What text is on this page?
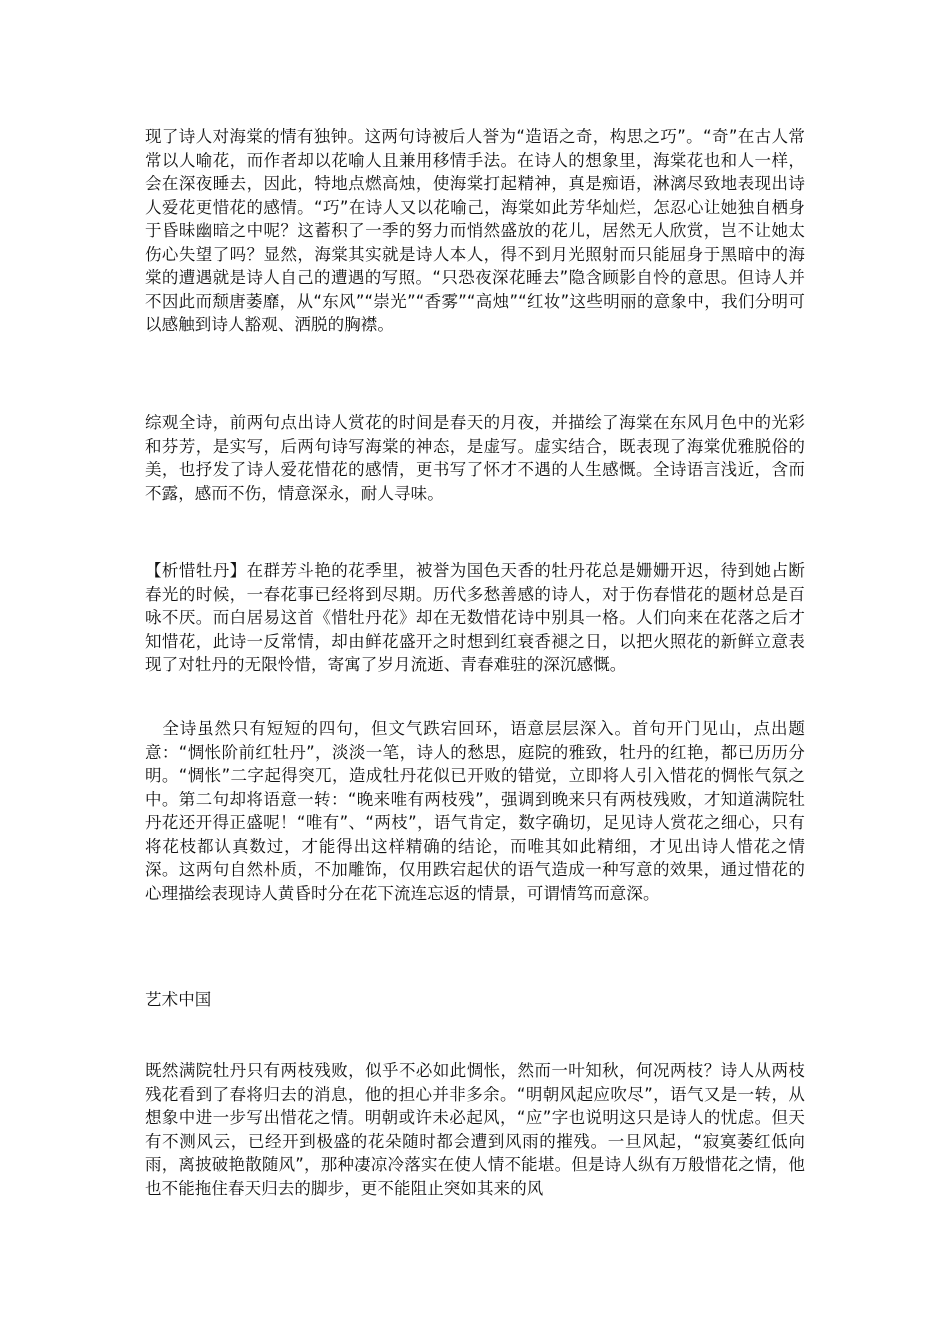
现了诗人对海棠的情有独钟。这两句诗被后人誉为“造语之奇，构思之巧”。“奇”在古人常常以人喻花，而作者却以花喻人且兼用移情手法。在诗人的想象里，海棠花也和人一样，会在深夜睡去，因此，特地点燃高烛，使海棠打起精神，真是痴语，淋漓尽致地表现出诗人爱花更惜花的感情。“巧”在诗人又以花喻己，海棠如此芳华灿烂，怎忍心让她独自栖身于昏昧幽暗之中呢？这蓄积了一季的努力而悄然盛放的花儿，居然无人欣赏，岂不让她太伤心失望了吗？显然，海棠其实就是诗人本人，得不到月光照射而只能屈身于黑暗中的海棠的遭遇就是诗人自己的遭遇的写照。“只恐夜深花睡去”隐含顾影自怜的意思。但诗人并不因此而颓唐萎靡，从“东风”“崇光”“香雾”“高烛”“红妆”这些明丽的意象中，我们分明可以感触到诗人豁观、洒脱的胸襟。

综观全诗，前两句点出诗人赏花的时间是春天的月夜，并描绘了海棠在东风月色中的光彩和芬芳，是实写，后两句诗写海棠的神态，是虚写。虚实结合，既表现了海棠优雅脱俗的美，也抒发了诗人爱花惜花的感情，更书写了怀才不遇的人生感慨。全诗语言浅近，含而不露，感而不伤，情意深永，耐人寻味。

【析惜牡丹】在群芳斗艳的花季里，被誉为国色天香的牡丹花总是姗姗开迟，待到她占断春光的时候，一春花事已经将到尽期。历代多愁善感的诗人，对于伤春惜花的题材总是百咏不厌。而白居易这首《惜牡丹花》却在无数惜花诗中别具一格。人们向来在花落之后才知惜花，此诗一反常情，却由鲜花盛开之时想到红衰香褪之日，以把火照花的新鲜立意表现了对牡丹的无限怜惜，寄寓了岁月流逝、青春难驻的深沉感慨。

　全诗虽然只有短短的四句，但文气跌宕回环，语意层层深入。首句开门见山，点出题意：“惆怅阶前红牡丹”，淡淡一笔，诗人的愁思，庭院的雅致，牡丹的红艳，都已历历分明。“惆怅”二字起得突兀，造成牡丹花似已开败的错觉，立即将人引入惜花的惆怅气氛之中。第二句却将语意一转：“晚来唯有两枝残”，强调到晚来只有两枝残败，才知道满院牡丹花还开得正盛呢！“唯有”、“两枝”，语气肯定，数字确切，足见诗人赏花之细心，只有将花枝都认真数过，才能得出这样精确的结论，而唯其如此精细，才见出诗人惜花之情深。这两句自然朴质，不加雕饰，仅用跌宕起伏的语气造成一种写意的效果，通过惜花的心理描绘表现诗人黄昏时分在花下流连忘返的情景，可谓情笃而意深。

艺术中国

既然满院牡丹只有两枝残败，似乎不必如此惆怅，然而一叶知秋，何况两枝？诗人从两枝残花看到了春将归去的消息，他的担心并非多余。“明朝风起应吹尽”，语气又是一转，从想象中进一步写出惜花之情。明朝或许未必起风，“应”字也说明这只是诗人的忧虑。但天有不测风云，已经开到极盛的花朵随时都会遭到风雨的摧残。一旦风起，“寂寞萎红低向雨，离披破艳散随风”，那种凄凉冷落实在使人情不能堪。但是诗人纵有万般惜花之情，他也不能拖住春天归去的脚步，更不能阻止突如其来的风
